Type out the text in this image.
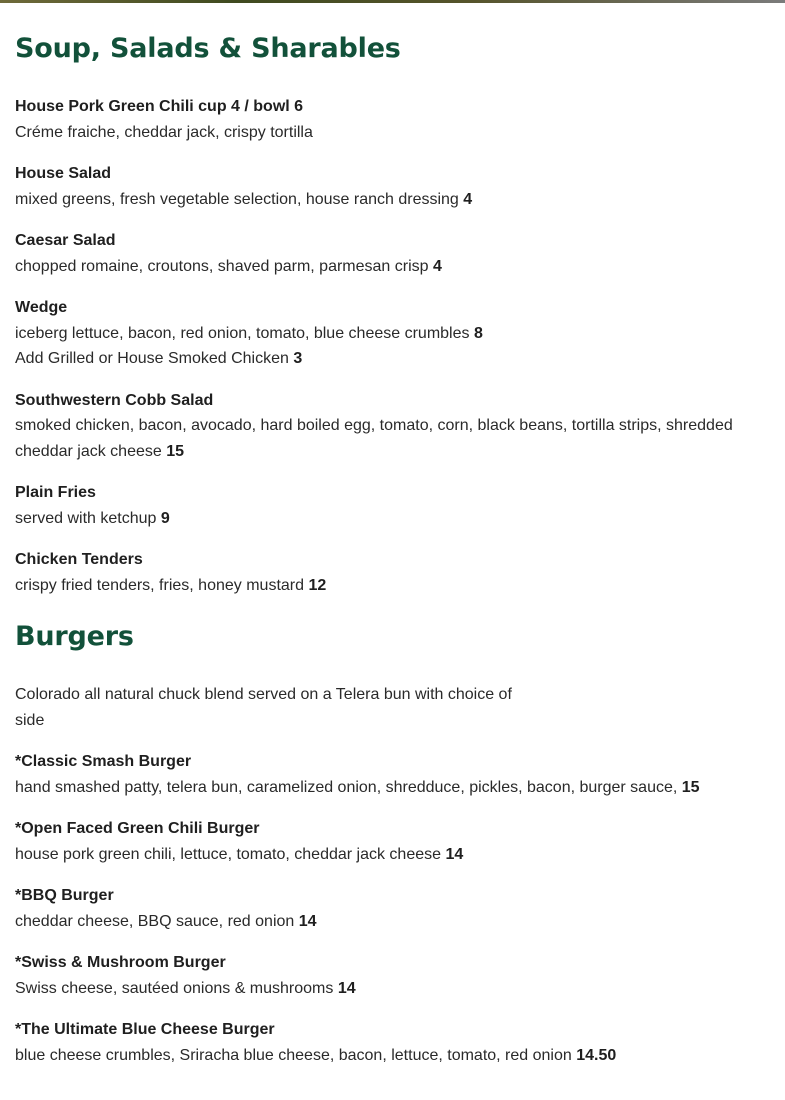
Soup, Salads & Sharables
House Pork Green Chili cup 4 / bowl 6
Créme fraiche, cheddar jack, crispy tortilla
House Salad
mixed greens, fresh vegetable selection, house ranch dressing 4
Caesar Salad
chopped romaine, croutons, shaved parm, parmesan crisp 4
Wedge
iceberg lettuce, bacon, red onion, tomato, blue cheese crumbles 8
Add Grilled or House Smoked Chicken 3
Southwestern Cobb Salad
smoked chicken, bacon, avocado, hard boiled egg, tomato, corn, black beans, tortilla strips, shredded cheddar jack cheese 15
Plain Fries
served with ketchup 9
Chicken Tenders
crispy fried tenders, fries, honey mustard 12
Burgers
Colorado all natural chuck blend served on a Telera bun with choice of side
*Classic Smash Burger
hand smashed patty, telera bun, caramelized onion, shredduce, pickles, bacon, burger sauce, 15
*Open Faced Green Chili Burger
house pork green chili, lettuce, tomato, cheddar jack cheese 14
*BBQ Burger
cheddar cheese, BBQ sauce, red onion 14
*Swiss & Mushroom Burger
Swiss cheese, sautéed onions & mushrooms 14
*The Ultimate Blue Cheese Burger
blue cheese crumbles, Sriracha blue cheese, bacon, lettuce, tomato, red onion 14.50
